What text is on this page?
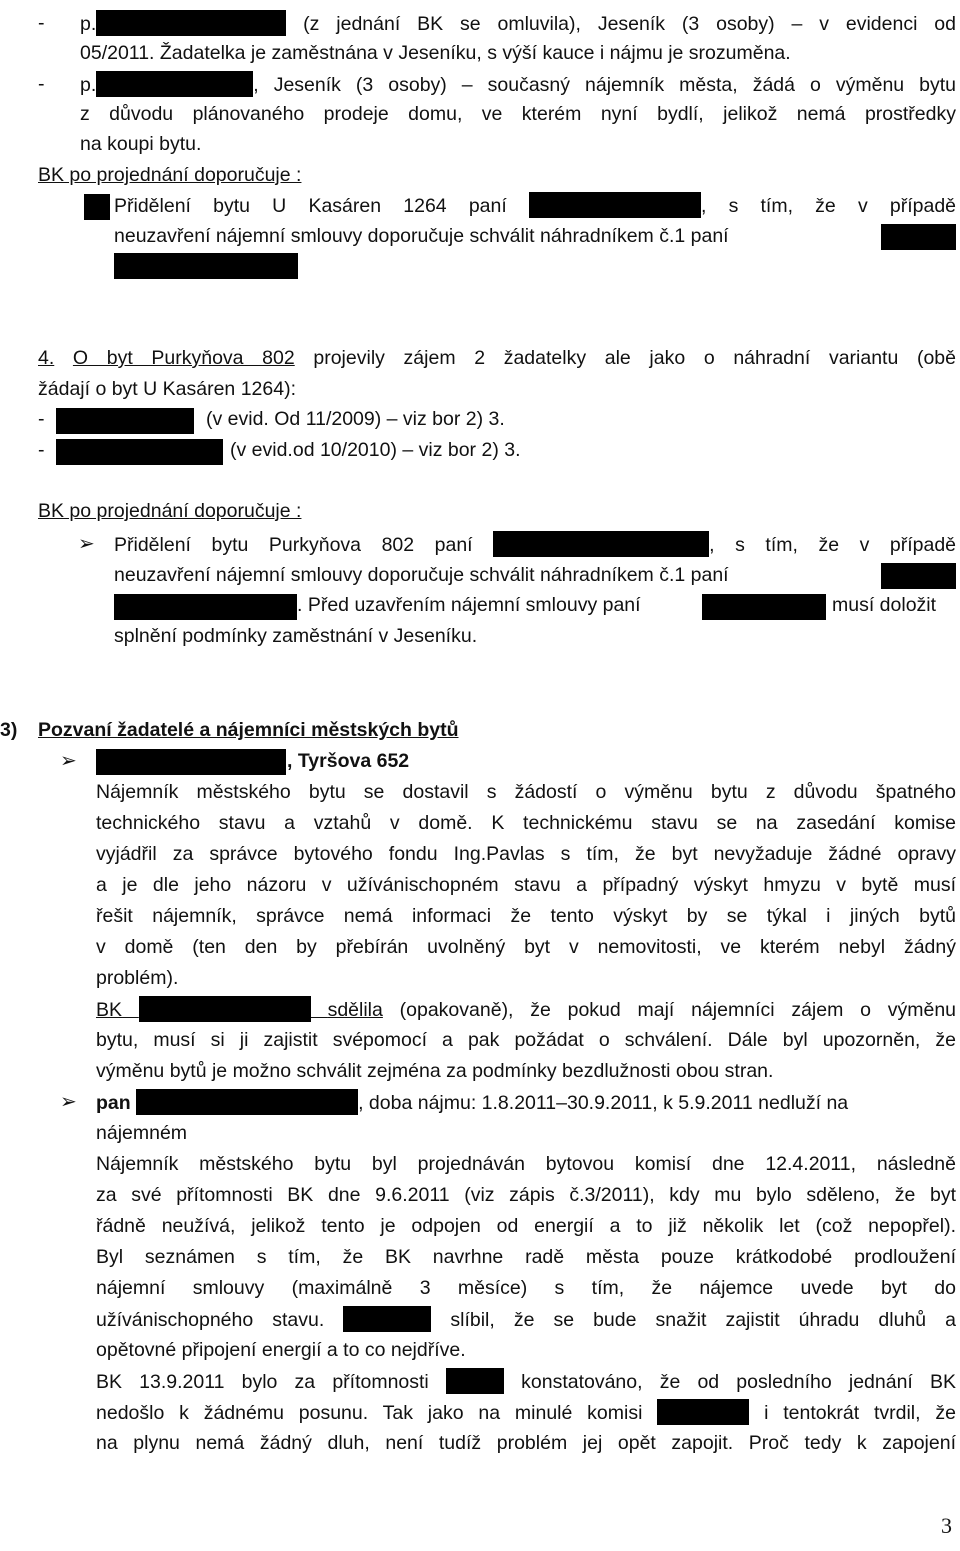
- p.	(z jednání BK se omluvila), Jeseník (3 osoby) – v evidenci od
05/2011. Žadatelka je zaměstnána v Jeseníku, s výší kauce i nájmu je srozuměna.
- p.	, Jeseník (3 osoby) – současný nájemník města, žádá o výměnu bytu
z důvodu plánovaného prodeje domu, ve kterém nyní bydlí, jelikož nemá prostředky
na koupi bytu.
BK po projednání doporučuje :
Přidělení bytu U Kasáren 1264 paní	, s tím, že v případě
neuzavření nájemní smlouvy doporučuje schválit náhradníkem č.1 paní
4. O byt Purkyňova 802 projevily zájem 2 žadatelky ale jako o náhradní variantu (obě
žádají o byt U Kasáren 1264):
-	(v evid. Od 11/2009) – viz bor 2) 3.
-	(v evid.od 10/2010) – viz bor 2) 3.
BK po projednání doporučuje :
➢ Přidělení bytu Purkyňova 802 paní	, s tím, že v případě
neuzavření nájemní smlouvy doporučuje schválit náhradníkem č.1 paní
. Před uzavřením nájemní smlouvy paní	musí doložit
splnění podmínky zaměstnání v Jeseníku.
3) Pozvaní žadatelé a nájemníci městských bytů
➢	, Tyršova 652
Nájemník městského bytu se dostavil s žádostí o výměnu bytu z důvodu špatného
technického stavu a vztahů v domě. K technickému stavu se na zasedání komise
vyjádřil za správce bytového fondu Ing.Pavlas s tím, že byt nevyžaduje žádné opravy
a je dle jeho názoru v užívánischopném stavu a případný výskyt hmyzu v bytě musí
řešit nájemník, správce nemá informaci že tento výskyt by se týkal i jiných bytů
v domě (ten den by přebírán uvolněný byt v nemovitosti, ve kterém nebyl žádný
problém).
BK	sdělila (opakovaně), že pokud mají nájemníci zájem o výměnu
bytu, musí si ji zajistit svépomocí a pak požádat o schválení. Dále byl upozorněn, že
výměnu bytů je možno schválit zejména za podmínky bezdlužnosti obou stran.
➢ pan	, doba nájmu: 1.8.2011–30.9.2011, k 5.9.2011 nedluží na
nájemném
Nájemník městského bytu byl projednáván bytovou komisí dne 12.4.2011, následně
za své přítomnosti BK dne 9.6.2011 (viz zápis č.3/2011), kdy mu bylo sděleno, že byt
řádně neužívá, jelikož tento je odpojen od energií a to již několik let (což nepopřel).
Byl seznámen s tím, že BK navrhne radě města pouze krátkodobé prodloužení
nájemní smlouvy (maximálně 3 měsíce) s tím, že nájemce uvede byt do
užívánischopného stavu.	slíbil, že se bude snažit zajistit úhradu dluhů a
opětovné připojení energií a to co nejdříve.
BK 13.9.2011 bylo za přítomnosti	konstatováno, že od posledního jednání BK
nedošlo k žádnému posunu. Tak jako na minulé komisi	i tentokrát tvrdil, že
na plynu nemá žádný dluh, není tudíž problém jej opět zapojit. Proč tedy k zapojení
3
